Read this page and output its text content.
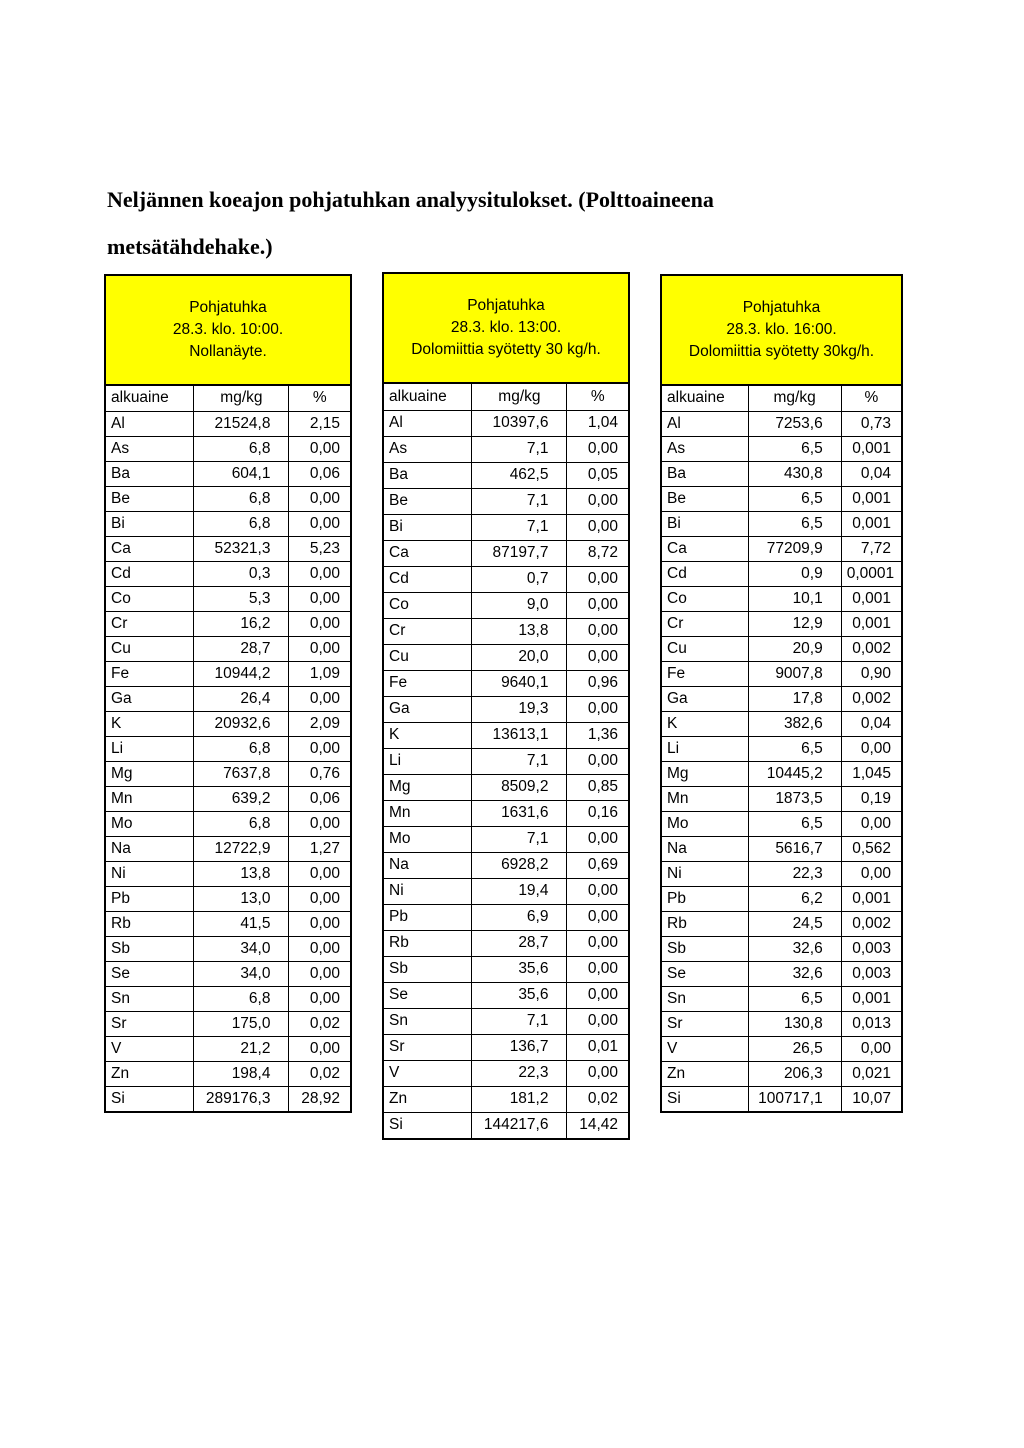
Neljännen koeajon pohjatuhkan analyysitulokset. (Polttoaineena metsätähdehake.)
Pohjatuhka
28.3. klo. 10:00.
Nollanäyte.
alkuaine	mg/kg	%
Al	21524,8	2,15
As	6,8	0,00
Ba	604,1	0,06
Be	6,8	0,00
Bi	6,8	0,00
Ca	52321,3	5,23
Cd	0,3	0,00
Co	5,3	0,00
Cr	16,2	0,00
Cu	28,7	0,00
Fe	10944,2	1,09
Ga	26,4	0,00
K	20932,6	2,09
Li	6,8	0,00
Mg	7637,8	0,76
Mn	639,2	0,06
Mo	6,8	0,00
Na	12722,9	1,27
Ni	13,8	0,00
Pb	13,0	0,00
Rb	41,5	0,00
Sb	34,0	0,00
Se	34,0	0,00
Sn	6,8	0,00
Sr	175,0	0,02
V	21,2	0,00
Zn	198,4	0,02
Si	289176,3	28,92
Pohjatuhka
28.3. klo. 13:00.
Dolomiittia syötetty 30 kg/h.
alkuaine	mg/kg	%
Al	10397,6	1,04
As	7,1	0,00
Ba	462,5	0,05
Be	7,1	0,00
Bi	7,1	0,00
Ca	87197,7	8,72
Cd	0,7	0,00
Co	9,0	0,00
Cr	13,8	0,00
Cu	20,0	0,00
Fe	9640,1	0,96
Ga	19,3	0,00
K	13613,1	1,36
Li	7,1	0,00
Mg	8509,2	0,85
Mn	1631,6	0,16
Mo	7,1	0,00
Na	6928,2	0,69
Ni	19,4	0,00
Pb	6,9	0,00
Rb	28,7	0,00
Sb	35,6	0,00
Se	35,6	0,00
Sn	7,1	0,00
Sr	136,7	0,01
V	22,3	0,00
Zn	181,2	0,02
Si	144217,6	14,42
Pohjatuhka
28.3. klo. 16:00.
Dolomiittia syötetty 30kg/h.
alkuaine	mg/kg	%
Al	7253,6	0,73
As	6,5	0,001
Ba	430,8	0,04
Be	6,5	0,001
Bi	6,5	0,001
Ca	77209,9	7,72
Cd	0,9	0,0001
Co	10,1	0,001
Cr	12,9	0,001
Cu	20,9	0,002
Fe	9007,8	0,90
Ga	17,8	0,002
K	382,6	0,04
Li	6,5	0,00
Mg	10445,2	1,045
Mn	1873,5	0,19
Mo	6,5	0,00
Na	5616,7	0,562
Ni	22,3	0,00
Pb	6,2	0,001
Rb	24,5	0,002
Sb	32,6	0,003
Se	32,6	0,003
Sn	6,5	0,001
Sr	130,8	0,013
V	26,5	0,00
Zn	206,3	0,021
Si	100717,1	10,07
